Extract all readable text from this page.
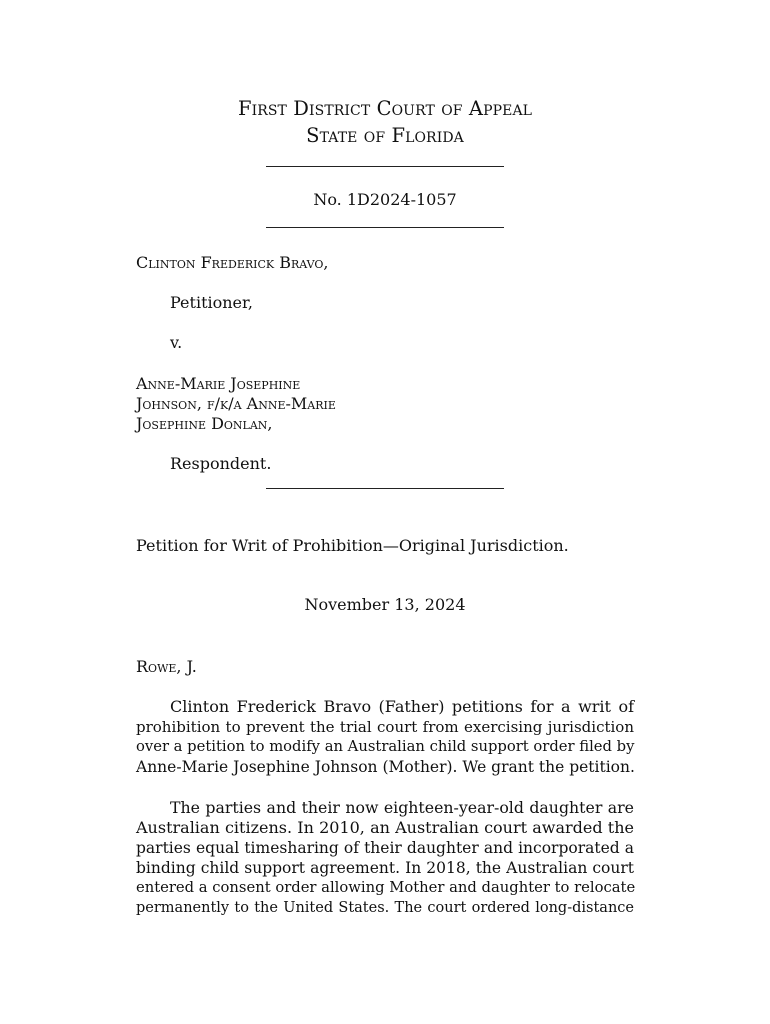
First District Court of Appeal
State of Florida
No. 1D2024-1057
Clinton Frederick Bravo,
Petitioner,
v.
Anne-Marie Josephine
Johnson, f/k/a Anne-Marie
Josephine Donlan,
Respondent.
Petition for Writ of Prohibition—Original Jurisdiction.
November 13, 2024
Rowe, J.
Clinton Frederick Bravo (Father) petitions for a writ of
prohibition to prevent the trial court from exercising jurisdiction
over a petition to modify an Australian child support order filed by
Anne-Marie Josephine Johnson (Mother). We grant the petition.
The parties and their now eighteen-year-old daughter are
Australian citizens. In 2010, an Australian court awarded the
parties equal timesharing of their daughter and incorporated a
binding child support agreement. In 2018, the Australian court
entered a consent order allowing Mother and daughter to relocate
permanently to the United States. The court ordered long-distance
